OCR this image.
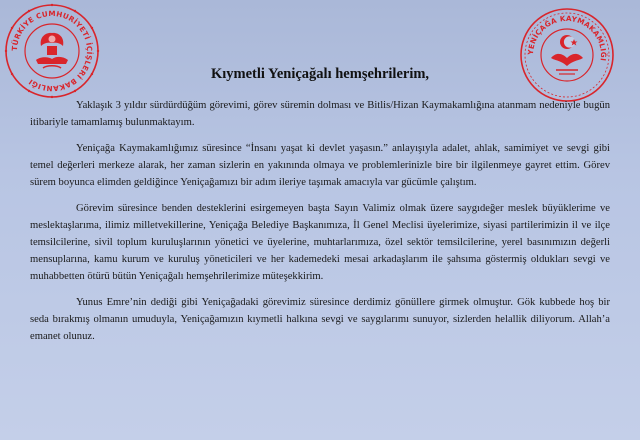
TÜRKİYE CUMHURİYETİ İÇİŞLERİ BAKANLIĞI
YENİÇAĞA KAYMAKAMLIĞI
Kıymetli Yeniçağalı hemşehrilerim,

Yaklaşık 3 yıldır sürdürdüğüm görevimi, görev süremin dolması ve Bitlis/Hizan Kaymakamlığına atanmam nedeniyle bugün itibariyle tamamlamış bulunmaktayım.

Yeniçağa Kaymakamlığımız süresince “İnsanı yaşat ki devlet yaşasın.” anlayışıyla adalet, ahlak, samimiyet ve sevgi gibi temel değerleri merkeze alarak, her zaman sizlerin en yakınında olmaya ve problemlerinizle bire bir ilgilenmeye gayret ettim. Görev sürem boyunca elimden geldiğince Yeniçağamızı bir adım ileriye taşımak amacıyla var gücümle çalıştım.

Görevim süresince benden desteklerini esirgemeyen başta Sayın Valimiz olmak üzere saygıdeğer meslek büyüklerime ve meslektaşlarıma, ilimiz milletvekillerine, Yeniçağa Belediye Başkanımıza, İl Genel Meclisi üyelerimize, siyasi partilerimizin il ve ilçe temsilcilerine, sivil toplum kuruluşlarının yönetici ve üyelerine, muhtarlarımıza, özel sektör temsilcilerine, yerel basınımızın değerli mensuplarına, kamu kurum ve kuruluş yöneticileri ve her kademedeki mesai arkadaşlarım ile şahsıma göstermiş oldukları sevgi ve muhabbetten ötürü bütün Yeniçağalı hemşehrilerimize müteşekkirim.

Yunus Emre’nin dediği gibi Yeniçağadaki görevimiz süresince derdimiz gönüllere girmek olmuştur. Gök kubbede hoş bir seda bırakmış olmanın umuduyla, Yeniçağamızın kıymetli halkına sevgi ve saygılarımı sunuyor, sizlerden helallik diliyorum. Allah’a emanet olunuz.
